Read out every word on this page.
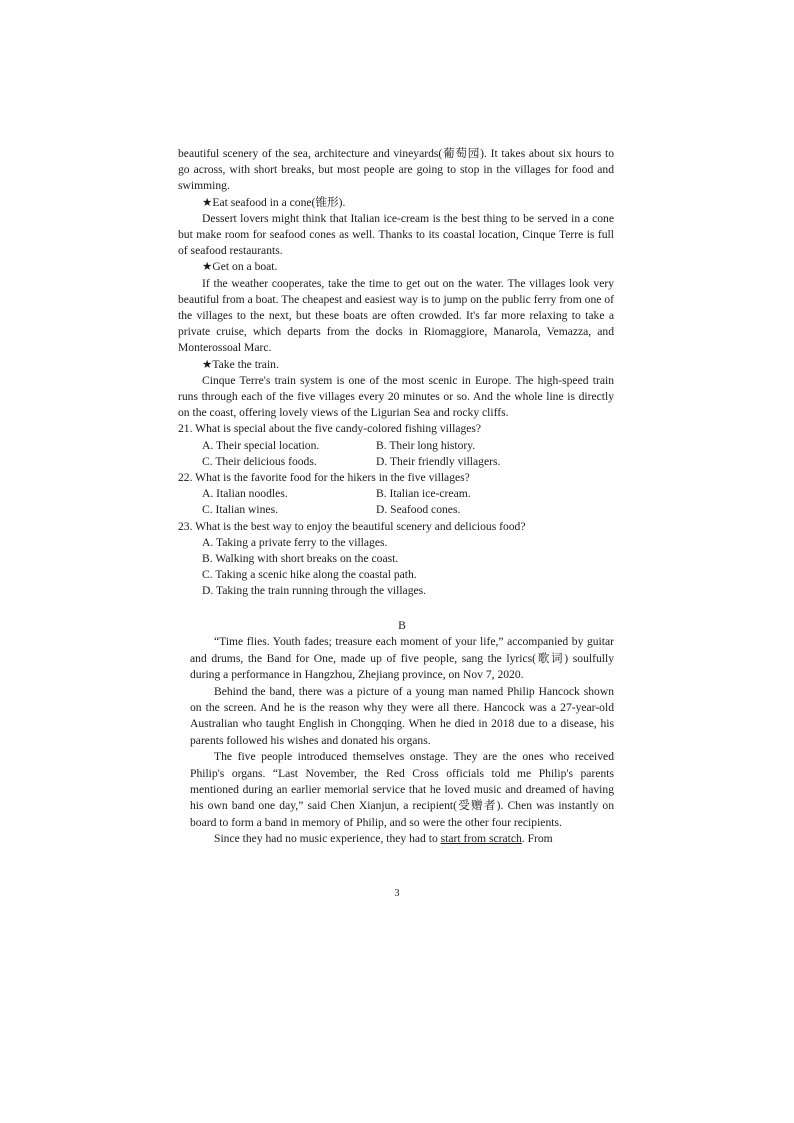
beautiful scenery of the sea, architecture and vineyards(葡萄园). It takes about six hours to go across, with short breaks, but most people are going to stop in the villages for food and swimming.

★Eat seafood in a cone(锥形).

Dessert lovers might think that Italian ice-cream is the best thing to be served in a cone but make room for seafood cones as well. Thanks to its coastal location, Cinque Terre is full of seafood restaurants.

★Get on a boat.

If the weather cooperates, take the time to get out on the water. The villages look very beautiful from a boat. The cheapest and easiest way is to jump on the public ferry from one of the villages to the next, but these boats are often crowded. It's far more relaxing to take a private cruise, which departs from the docks in Riomaggiore, Manarola, Vemazza, and Monterossoal Marc.

★Take the train.

Cinque Terre's train system is one of the most scenic in Europe. The high-speed train runs through each of the five villages every 20 minutes or so. And the whole line is directly on the coast, offering lovely views of the Ligurian Sea and rocky cliffs.

21. What is special about the five candy-colored fishing villages?

A. Their special location.	B. Their long history.
C. Their delicious foods.	D. Their friendly villagers.

22. What is the favorite food for the hikers in the five villages?

A. Italian noodles.	B. Italian ice-cream.
C. Italian wines.	D. Seafood cones.

23. What is the best way to enjoy the beautiful scenery and delicious food?

A. Taking a private ferry to the villages.
B. Walking with short breaks on the coast.
C. Taking a scenic hike along the coastal path.
D. Taking the train running through the villages.

B

“Time flies. Youth fades; treasure each moment of your life,” accompanied by guitar and drums, the Band for One, made up of five people, sang the lyrics(歌词) soulfully during a performance in Hangzhou, Zhejiang province, on Nov 7, 2020.

Behind the band, there was a picture of a young man named Philip Hancock shown on the screen. And he is the reason why they were all there. Hancock was a 27-year-old Australian who taught English in Chongqing. When he died in 2018 due to a disease, his parents followed his wishes and donated his organs.

The five people introduced themselves onstage. They are the ones who received Philip's organs. “Last November, the Red Cross officials told me Philip's parents mentioned during an earlier memorial service that he loved music and dreamed of having his own band one day,” said Chen Xianjun, a recipient(受赠者). Chen was instantly on board to form a band in memory of Philip, and so were the other four recipients.

Since they had no music experience, they had to start from scratch. From

3
